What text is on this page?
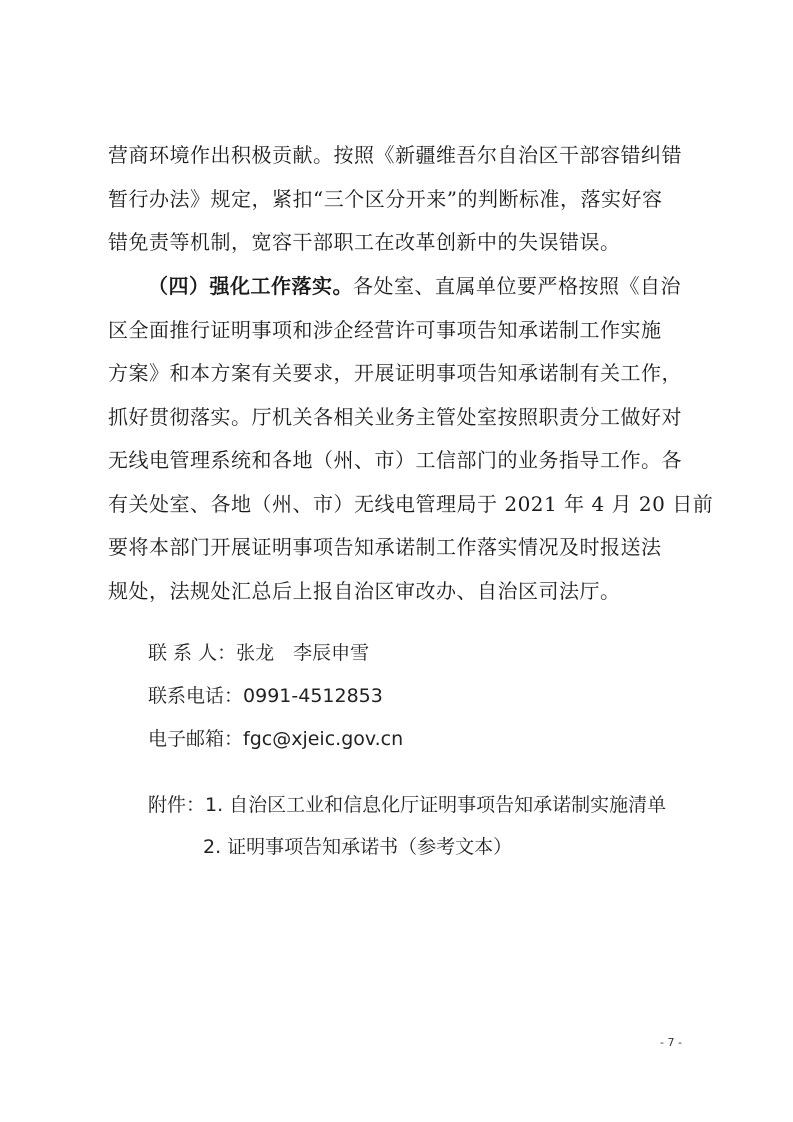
营商环境作出积极贡献。按照《新疆维吾尔自治区干部容错纠错
暂行办法》规定，紧扣“三个区分开来”的判断标准，落实好容
错免责等机制，宽容干部职工在改革创新中的失误错误。
（四）强化工作落实。各处室、直属单位要严格按照《自治
区全面推行证明事项和涉企经营许可事项告知承诺制工作实施
方案》和本方案有关要求，开展证明事项告知承诺制有关工作，
抓好贯彻落实。厅机关各相关业务主管处室按照职责分工做好对
无线电管理系统和各地（州、市）工信部门的业务指导工作。各
有关处室、各地（州、市）无线电管理局于 2021 年 4 月 20 日前
要将本部门开展证明事项告知承诺制工作落实情况及时报送法
规处，法规处汇总后上报自治区审改办、自治区司法厅。
联 系 人：张龙　李辰申雪
联系电话：0991-4512853
电子邮箱：fgc@xjeic.gov.cn
附件：1. 自治区工业和信息化厅证明事项告知承诺制实施清单
2. 证明事项告知承诺书（参考文本）
- 7 -
